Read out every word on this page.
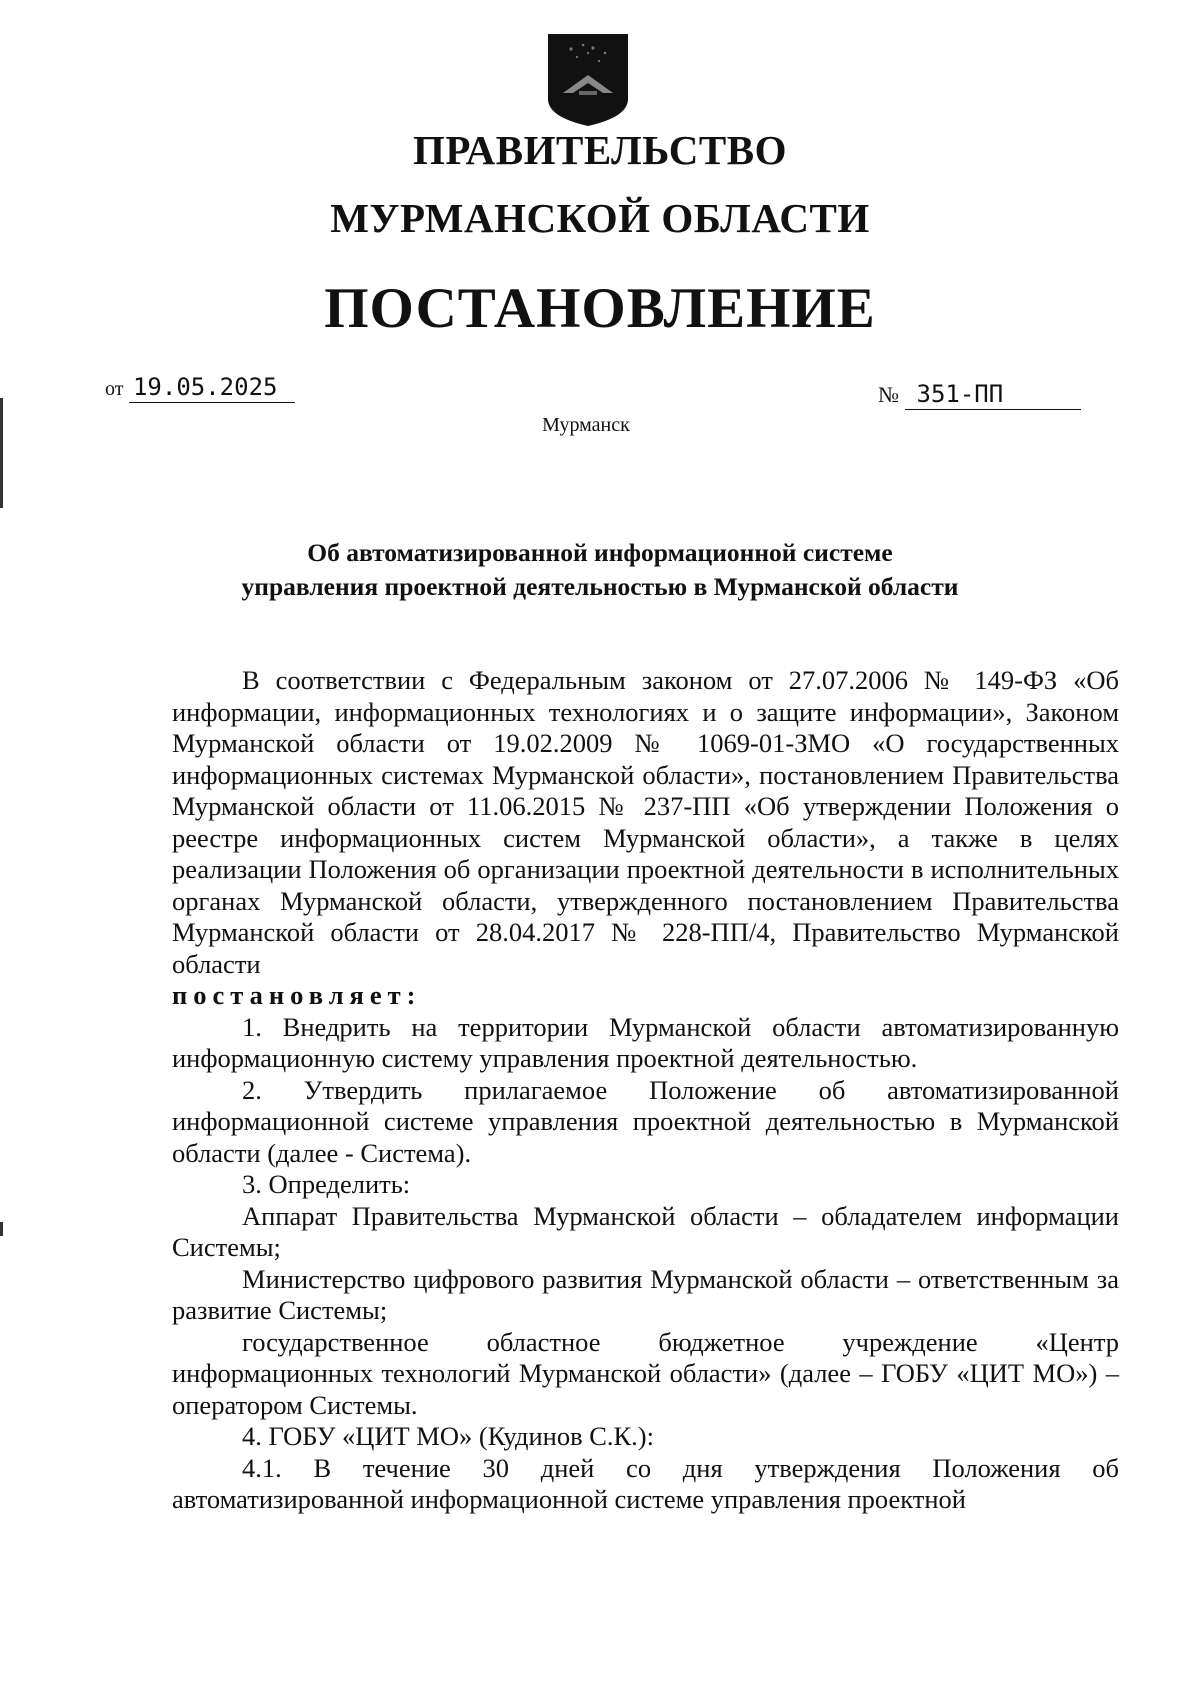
ПРАВИТЕЛЬСТВО
МУРМАНСКОЙ ОБЛАСТИ
ПОСТАНОВЛЕНИЕ
от 19.05.2025	№ 351-ПП
Мурманск
Об автоматизированной информационной системе
управления проектной деятельностью в Мурманской области

В соответствии с Федеральным законом от 27.07.2006 № 149-ФЗ «Об информации, информационных технологиях и о защите информации», Законом Мурманской области от 19.02.2009 № 1069-01-ЗМО «О государственных информационных системах Мурманской области», постановлением Правительства Мурманской области от 11.06.2015 № 237-ПП «Об утверждении Положения о реестре информационных систем Мурманской области», а также в целях реализации Положения об организации проектной деятельности в исполнительных органах Мурманской области, утвержденного постановлением Правительства Мурманской области от 28.04.2017 № 228-ПП/4, Правительство Мурманской области

постановляет:

1. Внедрить на территории Мурманской области автоматизированную информационную систему управления проектной деятельностью.

2. Утвердить прилагаемое Положение об автоматизированной информационной системе управления проектной деятельностью в Мурманской области (далее - Система).

3. Определить:

Аппарат Правительства Мурманской области – обладателем информации Системы;

Министерство цифрового развития Мурманской области – ответственным за развитие Системы;

государственное областное бюджетное учреждение «Центр информационных технологий Мурманской области» (далее – ГОБУ «ЦИТ МО») – оператором Системы.

4. ГОБУ «ЦИТ МО» (Кудинов С.К.):

4.1. В течение 30 дней со дня утверждения Положения об автоматизированной информационной системе управления проектной
